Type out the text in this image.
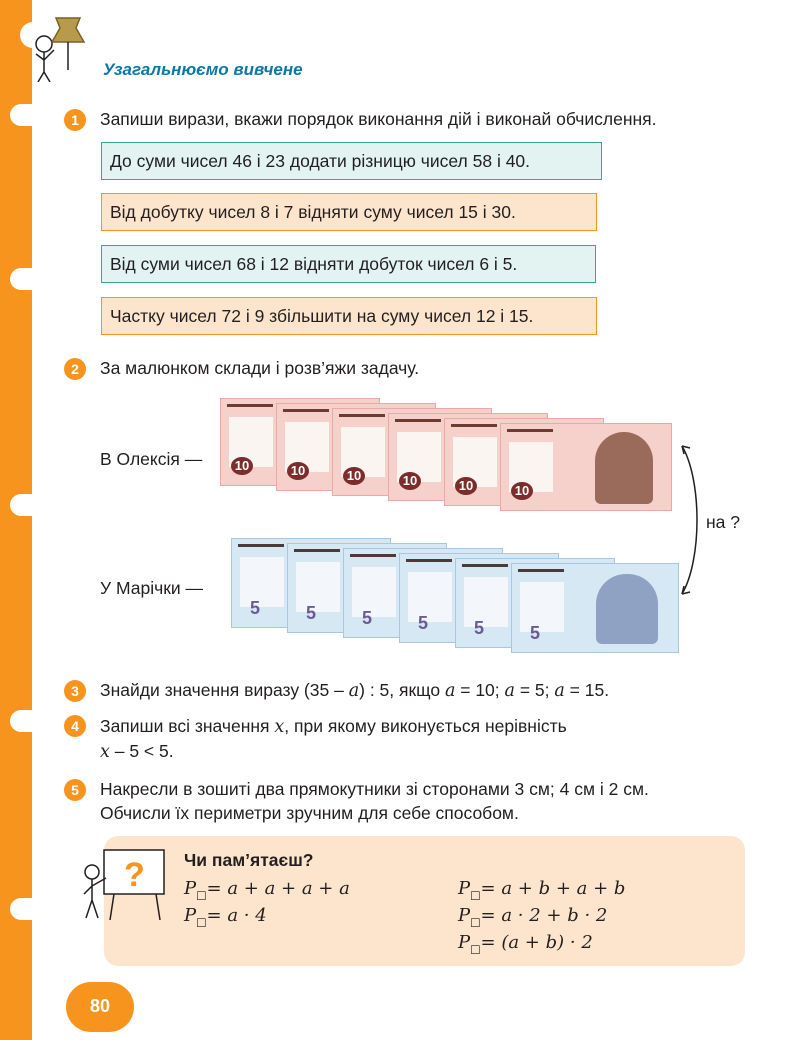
Узагальнюємо вивчене
1	Запиши вирази, вкажи порядок виконання дій і виконай обчислення.
До суми чисел 46 і 23 додати різницю чисел 58 і 40.
Від добутку чисел 8 і 7 відняти суму чисел 15 і 30.
Від суми чисел 68 і 12 відняти добуток чисел 6 і 5.
Частку чисел 72 і 9 збільшити на суму чисел 12 і 15.
2	За малюнком склади і розв’яжи задачу.
В Олексія —	10	10	10	10	10	10
У Марічки —
5	5	5	5	5	5
на ?
3	Знайди значення виразу (35 – a) : 5, якщо a = 10; a = 5; a = 15.
4	Запиши всі значення x, при якому виконується нерівність
x – 5 < 5.
5	Накресли в зошиті два прямокутники зі сторонами 3 см; 4 см і 2 см.
Обчисли їх периметри зручним для себе способом.
? Чи пам’ятаєш?
$P_□= a + a + a + a$
$P_□= a \cdot 4$
$P_□= a + b + a + b$
$P_□= a \cdot 2 + b \cdot 2$
$P_□= (a + b) \cdot 2$
80
